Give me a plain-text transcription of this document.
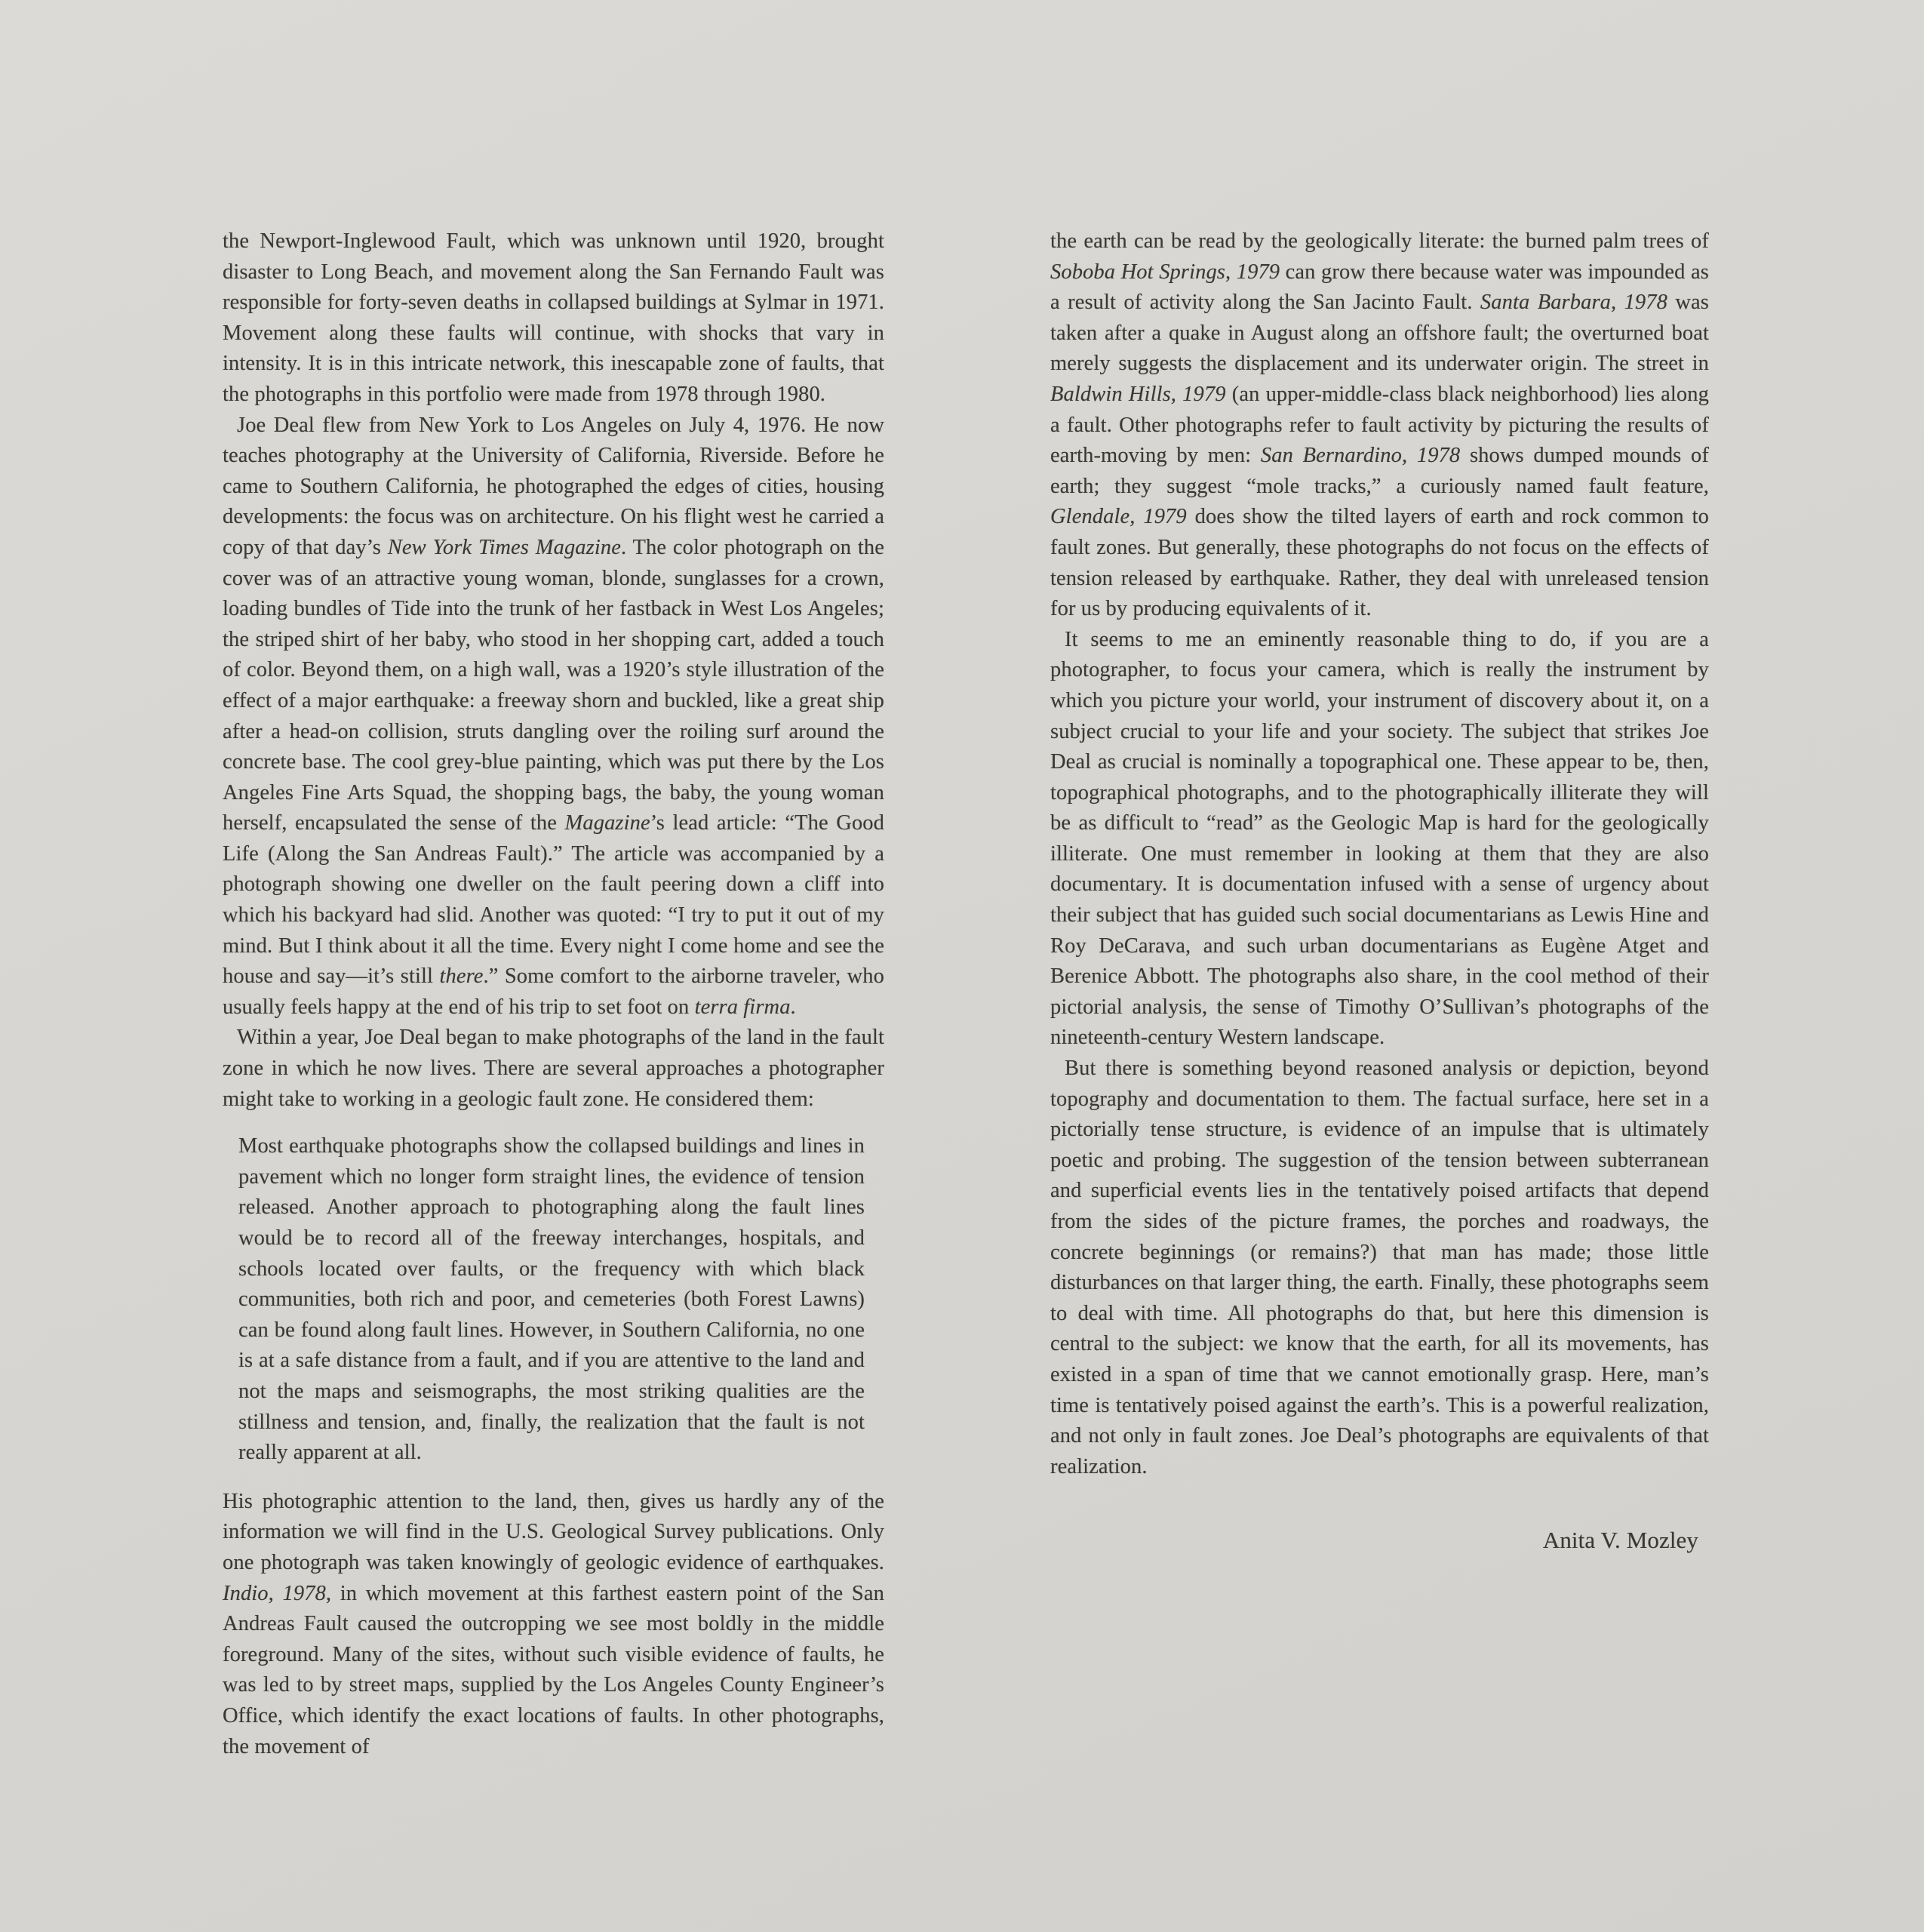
the Newport-Inglewood Fault, which was unknown until 1920, brought disaster to Long Beach, and movement along the San Fernando Fault was responsible for forty-seven deaths in collapsed buildings at Sylmar in 1971. Movement along these faults will continue, with shocks that vary in intensity. It is in this intricate network, this inescapable zone of faults, that the photographs in this portfolio were made from 1978 through 1980.

Joe Deal flew from New York to Los Angeles on July 4, 1976. He now teaches photography at the University of California, Riverside. Before he came to Southern California, he photographed the edges of cities, housing developments: the focus was on architecture. On his flight west he carried a copy of that day’s New York Times Magazine. The color photograph on the cover was of an attractive young woman, blonde, sunglasses for a crown, loading bundles of Tide into the trunk of her fastback in West Los Angeles; the striped shirt of her baby, who stood in her shopping cart, added a touch of color. Beyond them, on a high wall, was a 1920’s style illustration of the effect of a major earthquake: a freeway shorn and buckled, like a great ship after a head-on collision, struts dangling over the roiling surf around the concrete base. The cool grey-blue painting, which was put there by the Los Angeles Fine Arts Squad, the shopping bags, the baby, the young woman herself, encapsulated the sense of the Magazine’s lead article: “The Good Life (Along the San Andreas Fault).” The article was accompanied by a photograph showing one dweller on the fault peering down a cliff into which his backyard had slid. Another was quoted: “I try to put it out of my mind. But I think about it all the time. Every night I come home and see the house and say—it’s still there.” Some comfort to the airborne traveler, who usually feels happy at the end of his trip to set foot on terra firma.

Within a year, Joe Deal began to make photographs of the land in the fault zone in which he now lives. There are several approaches a photographer might take to working in a geologic fault zone. He considered them:

Most earthquake photographs show the collapsed buildings and lines in pavement which no longer form straight lines, the evidence of tension released. Another approach to photographing along the fault lines would be to record all of the freeway interchanges, hospitals, and schools located over faults, or the frequency with which black communities, both rich and poor, and cemeteries (both Forest Lawns) can be found along fault lines. However, in Southern California, no one is at a safe distance from a fault, and if you are attentive to the land and not the maps and seismographs, the most striking qualities are the stillness and tension, and, finally, the realization that the fault is not really apparent at all.

His photographic attention to the land, then, gives us hardly any of the information we will find in the U.S. Geological Survey publications. Only one photograph was taken knowingly of geologic evidence of earthquakes. Indio, 1978, in which movement at this farthest eastern point of the San Andreas Fault caused the outcropping we see most boldly in the middle foreground. Many of the sites, without such visible evidence of faults, he was led to by street maps, supplied by the Los Angeles County Engineer’s Office, which identify the exact locations of faults. In other photographs, the movement of

the earth can be read by the geologically literate: the burned palm trees of Soboba Hot Springs, 1979 can grow there because water was impounded as a result of activity along the San Jacinto Fault. Santa Barbara, 1978 was taken after a quake in August along an offshore fault; the overturned boat merely suggests the displacement and its underwater origin. The street in Baldwin Hills, 1979 (an upper-middle-class black neighborhood) lies along a fault. Other photographs refer to fault activity by picturing the results of earth-moving by men: San Bernardino, 1978 shows dumped mounds of earth; they suggest “mole tracks,” a curiously named fault feature, Glendale, 1979 does show the tilted layers of earth and rock common to fault zones. But generally, these photographs do not focus on the effects of tension released by earthquake. Rather, they deal with unreleased tension for us by producing equivalents of it.

It seems to me an eminently reasonable thing to do, if you are a photographer, to focus your camera, which is really the instrument by which you picture your world, your instrument of discovery about it, on a subject crucial to your life and your society. The subject that strikes Joe Deal as crucial is nominally a topographical one. These appear to be, then, topographical photographs, and to the photographically illiterate they will be as difficult to “read” as the Geologic Map is hard for the geologically illiterate. One must remember in looking at them that they are also documentary. It is documentation infused with a sense of urgency about their subject that has guided such social documentarians as Lewis Hine and Roy DeCarava, and such urban documentarians as Eugène Atget and Berenice Abbott. The photographs also share, in the cool method of their pictorial analysis, the sense of Timothy O’Sullivan’s photographs of the nineteenth-century Western landscape.

But there is something beyond reasoned analysis or depiction, beyond topography and documentation to them. The factual surface, here set in a pictorially tense structure, is evidence of an impulse that is ultimately poetic and probing. The suggestion of the tension between subterranean and superficial events lies in the tentatively poised artifacts that depend from the sides of the picture frames, the porches and roadways, the concrete beginnings (or remains?) that man has made; those little disturbances on that larger thing, the earth. Finally, these photographs seem to deal with time. All photographs do that, but here this dimension is central to the subject: we know that the earth, for all its movements, has existed in a span of time that we cannot emotionally grasp. Here, man’s time is tentatively poised against the earth’s. This is a powerful realization, and not only in fault zones. Joe Deal’s photographs are equivalents of that realization.

Anita V. Mozley
